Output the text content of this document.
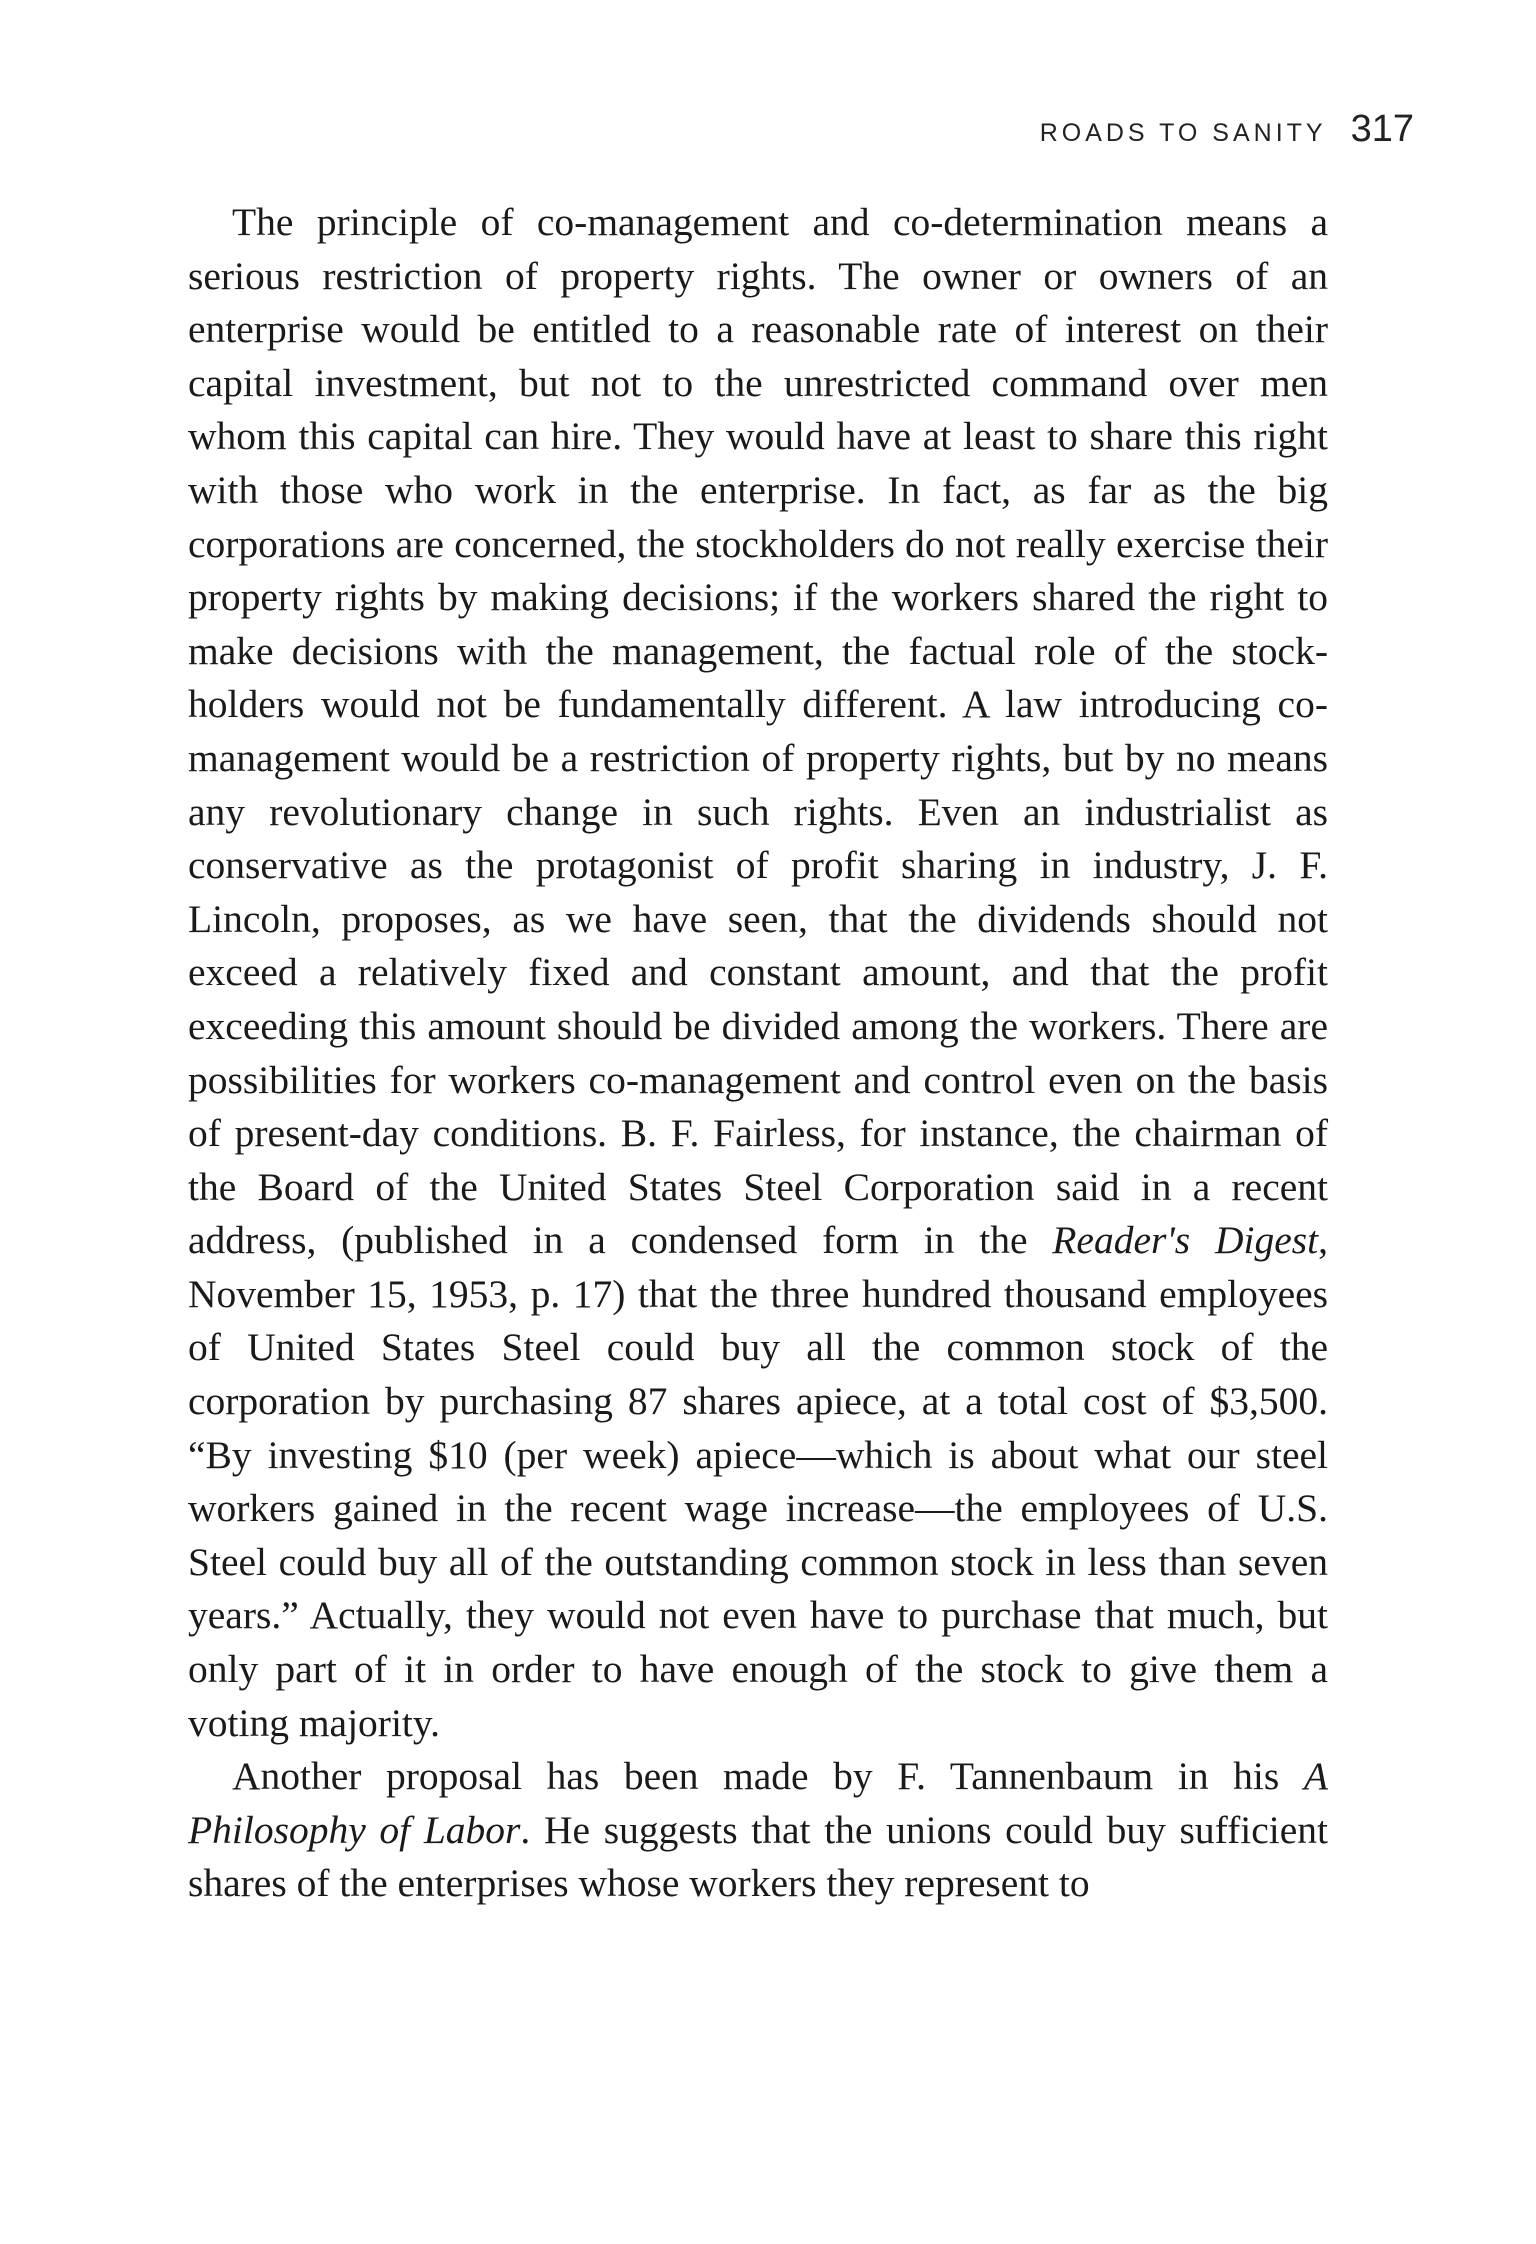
ROADS TO SANITY 317

The principle of co-management and co-determination means a serious restriction of property rights. The owner or owners of an enterprise would be entitled to a reasonable rate of interest on their capital investment, but not to the unrestricted command over men whom this capital can hire. They would have at least to share this right with those who work in the enterprise. In fact, as far as the big corporations are concerned, the stockholders do not really exercise their property rights by making decisions; if the workers shared the right to make decisions with the management, the factual role of the stockholders would not be fundamentally different. A law introducing co-management would be a restriction of property rights, but by no means any revolutionary change in such rights. Even an industrialist as conservative as the protagonist of profit sharing in industry, J. F. Lincoln, proposes, as we have seen, that the dividends should not exceed a relatively fixed and constant amount, and that the profit exceeding this amount should be divided among the workers. There are possibilities for workers co-management and control even on the basis of present-day conditions. B. F. Fairless, for instance, the chairman of the Board of the United States Steel Corporation said in a recent address, (published in a condensed form in the Reader's Digest, November 15, 1953, p. 17) that the three hundred thousand employees of United States Steel could buy all the common stock of the corporation by purchasing 87 shares apiece, at a total cost of $3,500. “By investing $10 (per week) apiece—which is about what our steel workers gained in the recent wage increase—the employees of U.S. Steel could buy all of the outstanding common stock in less than seven years.” Actually, they would not even have to purchase that much, but only part of it in order to have enough of the stock to give them a voting majority.

Another proposal has been made by F. Tannenbaum in his A Philosophy of Labor. He suggests that the unions could buy sufficient shares of the enterprises whose workers they represent to
